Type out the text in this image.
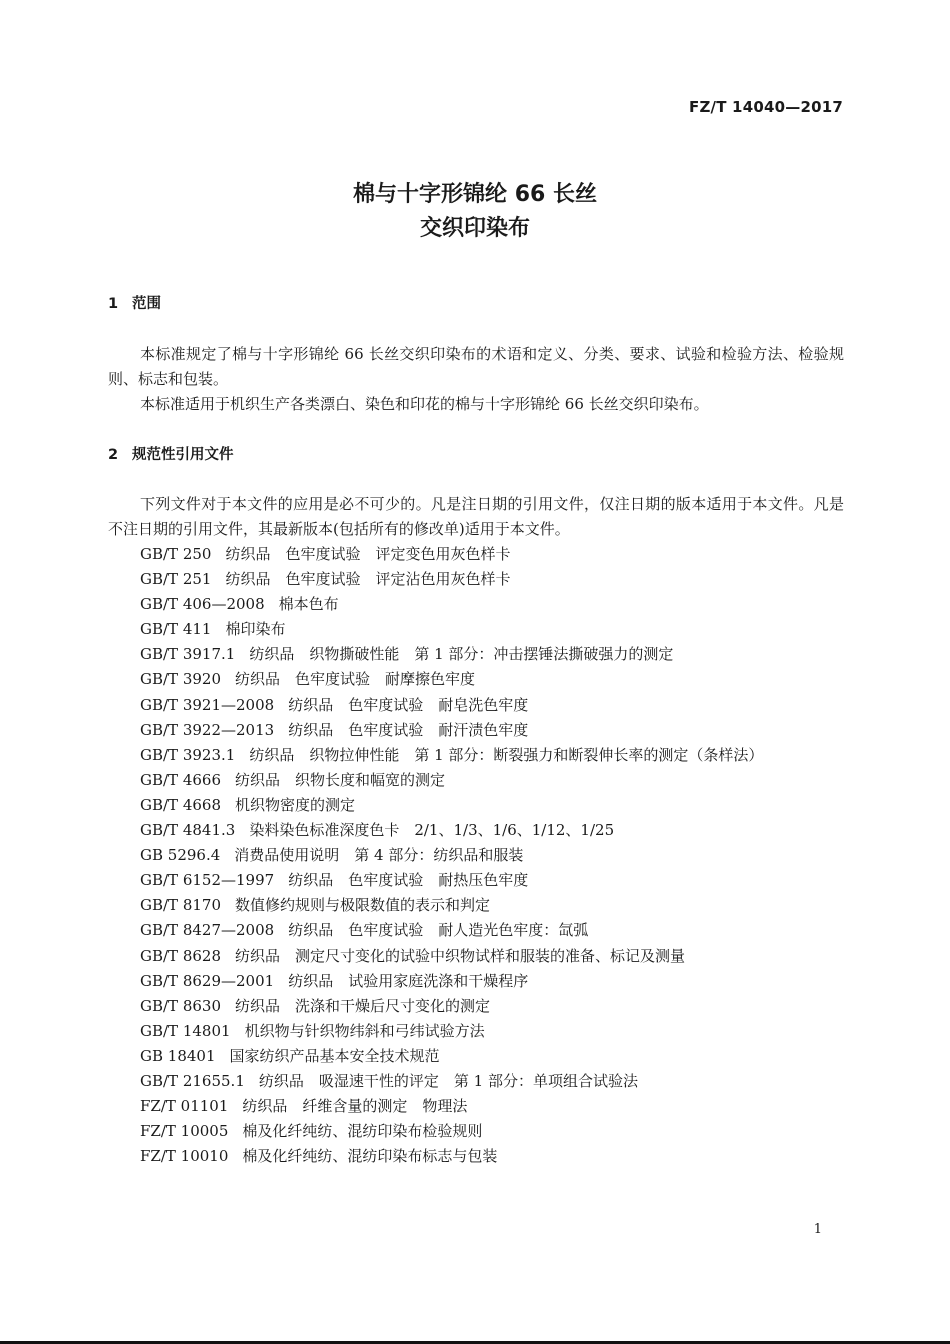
FZ/T 14040—2017
棉与十字形锦纶 66 长丝
交织印染布
1 范围

本标准规定了棉与十字形锦纶 66 长丝交织印染布的术语和定义、分类、要求、试验和检验方法、检验规则、标志和包装。

本标准适用于机织生产各类漂白、染色和印花的棉与十字形锦纶 66 长丝交织印染布。

2 规范性引用文件

下列文件对于本文件的应用是必不可少的。凡是注日期的引用文件，仅注日期的版本适用于本文件。凡是不注日期的引用文件，其最新版本(包括所有的修改单)适用于本文件。

GB/T 250 纺织品　色牢度试验　评定变色用灰色样卡
GB/T 251 纺织品　色牢度试验　评定沾色用灰色样卡
GB/T 406—2008 棉本色布
GB/T 411 棉印染布
GB/T 3917.1 纺织品　织物撕破性能　第 1 部分：冲击摆锤法撕破强力的测定
GB/T 3920 纺织品　色牢度试验　耐摩擦色牢度
GB/T 3921—2008 纺织品　色牢度试验　耐皂洗色牢度
GB/T 3922—2013 纺织品　色牢度试验　耐汗渍色牢度
GB/T 3923.1 纺织品　织物拉伸性能　第 1 部分：断裂强力和断裂伸长率的测定（条样法）
GB/T 4666 纺织品　织物长度和幅宽的测定
GB/T 4668 机织物密度的测定
GB/T 4841.3 染料染色标准深度色卡　2/1、1/3、1/6、1/12、1/25
GB 5296.4 消费品使用说明　第 4 部分：纺织品和服装
GB/T 6152—1997 纺织品　色牢度试验　耐热压色牢度
GB/T 8170 数值修约规则与极限数值的表示和判定
GB/T 8427—2008 纺织品　色牢度试验　耐人造光色牢度：氙弧
GB/T 8628 纺织品　测定尺寸变化的试验中织物试样和服装的准备、标记及测量
GB/T 8629—2001 纺织品　试验用家庭洗涤和干燥程序
GB/T 8630 纺织品　洗涤和干燥后尺寸变化的测定
GB/T 14801 机织物与针织物纬斜和弓纬试验方法
GB 18401 国家纺织产品基本安全技术规范
GB/T 21655.1 纺织品　吸湿速干性的评定　第 1 部分：单项组合试验法
FZ/T 01101 纺织品　纤维含量的测定　物理法
FZ/T 10005 棉及化纤纯纺、混纺印染布检验规则
FZ/T 10010 棉及化纤纯纺、混纺印染布标志与包装
1
